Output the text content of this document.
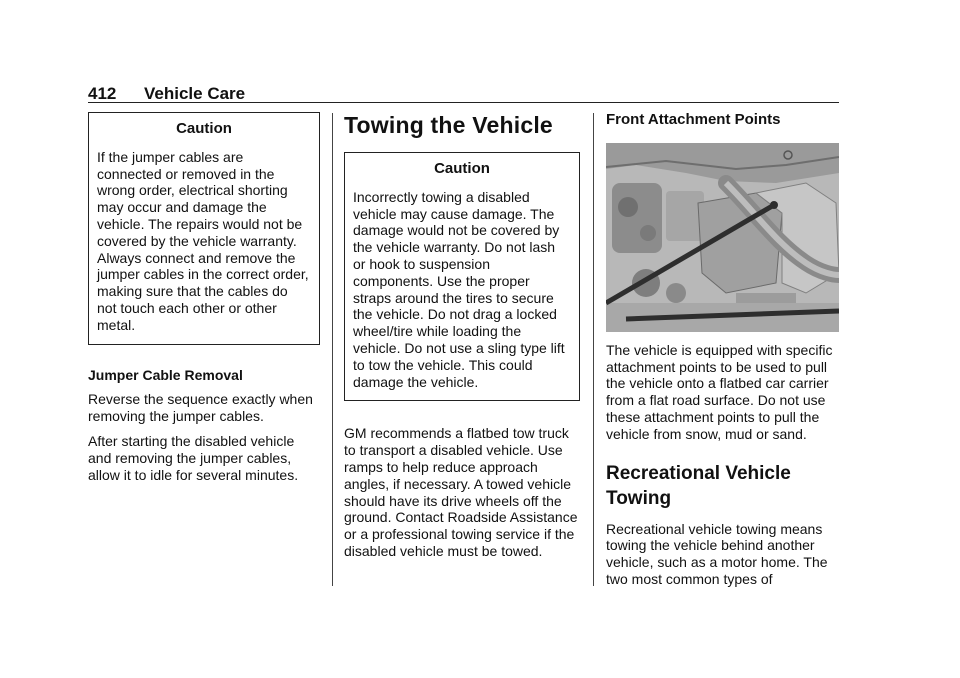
412 Vehicle Care
Caution

If the jumper cables are connected or removed in the wrong order, electrical shorting may occur and damage the vehicle. The repairs would not be covered by the vehicle warranty. Always connect and remove the jumper cables in the correct order, making sure that the cables do not touch each other or other metal.

Jumper Cable Removal

Reverse the sequence exactly when removing the jumper cables.

After starting the disabled vehicle and removing the jumper cables, allow it to idle for several minutes.

Towing the Vehicle
Caution

Incorrectly towing a disabled vehicle may cause damage. The damage would not be covered by the vehicle warranty. Do not lash or hook to suspension components. Use the proper straps around the tires to secure the vehicle. Do not drag a locked wheel/tire while loading the vehicle. Do not use a sling type lift to tow the vehicle. This could damage the vehicle.

GM recommends a flatbed tow truck to transport a disabled vehicle. Use ramps to help reduce approach angles, if necessary. A towed vehicle should have its drive wheels off the ground. Contact Roadside Assistance or a professional towing service if the disabled vehicle must be towed.

Front Attachment Points

The vehicle is equipped with specific attachment points to be used to pull the vehicle onto a flatbed car carrier from a flat road surface. Do not use these attachment points to pull the vehicle from snow, mud or sand.

Recreational Vehicle Towing

Recreational vehicle towing means towing the vehicle behind another vehicle, such as a motor home. The two most common types of
